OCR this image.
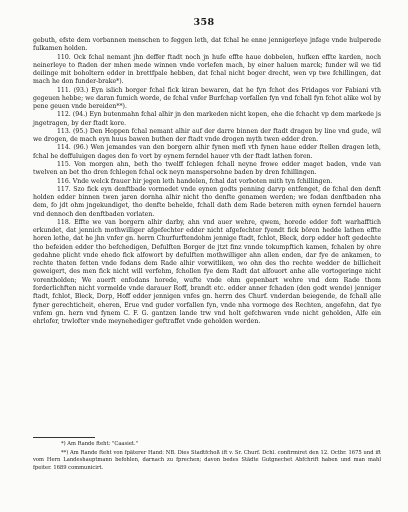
358

gebuth, efste dem vorbannen menschen to feggen leth, dat fchal he enne jennigerleye jnfage vnde hulperede fulkamen holden.

110. Ock fchal nemant jhn deffer ftadt noch jn hufe effte haue dobbelen, hufken effte karden, noch neinerleye to ftaden der mhen mede winnen vnde vorlefen mach, by einer haluen marck; funder wil we tid deilinge mit boholtern edder in brettfpale hebben, dat fchal nicht boger drecht, wen vp twe fchillingen, dat mach he don funder-brake*).

111. (93.) Eyn islich borger fchal fick kiran bewaren, dat he fyn fchot des Fridages vor Fabiani vth gegeuen hebbe; we daran fumich worde, de fchal vnfer Burfchap vorfallen fyn vnd fchall fyn fchot alike wol by pene geuen vnde bereiden**).

112. (94.) Eyn butenmahn fchal alhir jn den markeden nicht kopen, ehe die fchacht vp dem markede js jngetragen, by der ftadt kore.

113. (95.) Den Hoppen fchal nemant alhir auf der darre binnen der ftadt dragen by line vnd gude, wil we drogen, de mach eyn huus bawen buthen der ftadt vnde drogen myth twen edder dren.

114. (96.) Wen jemandes van den borgern alhir fynen mefl vth fynen haue edder ftellen dragen leth, fchal he deffuluigen dages den fo vort by eynem ferndel hauer vth der ftadt lathen foren.

115. Von morgen ahn, beth tho twelff fchlegen fchall neyne frowe edder maget baden, vnde van twelven an bet tho dren fchlegen fchal ock neyn manspersohne baden by dren fchillingen.

116. Vnde welck frauer hir jegen leth handelen, fchal dat vorboten mith tyn fchillingen.

117. Szo fick eyn denftbade vormedet vnde eynen godts penning darvp entfenget, de fchal den denft holden edder binnen twen jaren dornha alhir nicht tho denfte genamen werden; we fodan denftbaden nha dem, fo jdt ohm jngekundiget, tho denfte behelde, fchall dath dem Rade beteren mith eynen ferndel hauern vnd dennoch den denftbaden vorlaten.

118. Effte we van borgern alhir darby, ahn vnd auer wehre, qwem, horede edder foft warhafftich erkundet, dat jennich mothwilliger afgefechter edder nicht afgefechter fyendt fick bören hedde lathen effte horen lethe, dat he jhn vnfer gn. herrn Churfurftendohm jennige ftadt, fchlot, Bleck, dorp edder hoft gedechte tho befeiden edder tho befchedigen, Defulften Borger de jtzt finz vnnde tokumpftich kamen, fchalen by ohre gedahne plicht vnde ehedo fick alfowort by defulften mothwilliger ahn allen enden, dar fye de ankamen, to rechte thaten fetten vnde fodans dem Rade alhir vorwitliken, wo ohn des tho rechte wedder de billicheit geweigert, des men fick nicht will verfehm, fchollen fye dem Radt dat alfouort anhe alle vortogeringe nicht vorentholden; We auerft enfodans horede, wufte vnde ohm gepenbart wehre vnd dem Rade thom forderlichften nicht vormelde vnde darauer Roff, brandt etc. edder anner fchaden (den godt wende) jenniger ftadt, fchlot, Bleck, Dorp, Hoff edder jennigen vnfes gn. herrn des Churf. vnderdan beiegende, de fchall alle fyner gerechticheit, eheren, Erue vnd guder vorfallen fyn, vnde nha vormoge des Rechten, angefehn, dat fye vnfem gn. hern vnd fynem C. F. G. gantzen lande trw vnd holt gefchwaren vnde nicht geholden, Alfe ein ehrlofer, trwlofter vnde meynehediger geftraffet vnde geholden werden.

*) Am Rande fteht: "Caasiet."

**) Am Rande fteht von fpäterer Hand: NB. Dies Stadtfchoß ift v. Sr. Churf. Dchl. confirmiret den 12. Octbr. 1675 und ift vom Hern Landeshauptmann befohlen, darnach zu fprechen; davon bedes Städte Gutgnechet Abfchrift haben und man mahl fpeiter. 1689 communicirt.
